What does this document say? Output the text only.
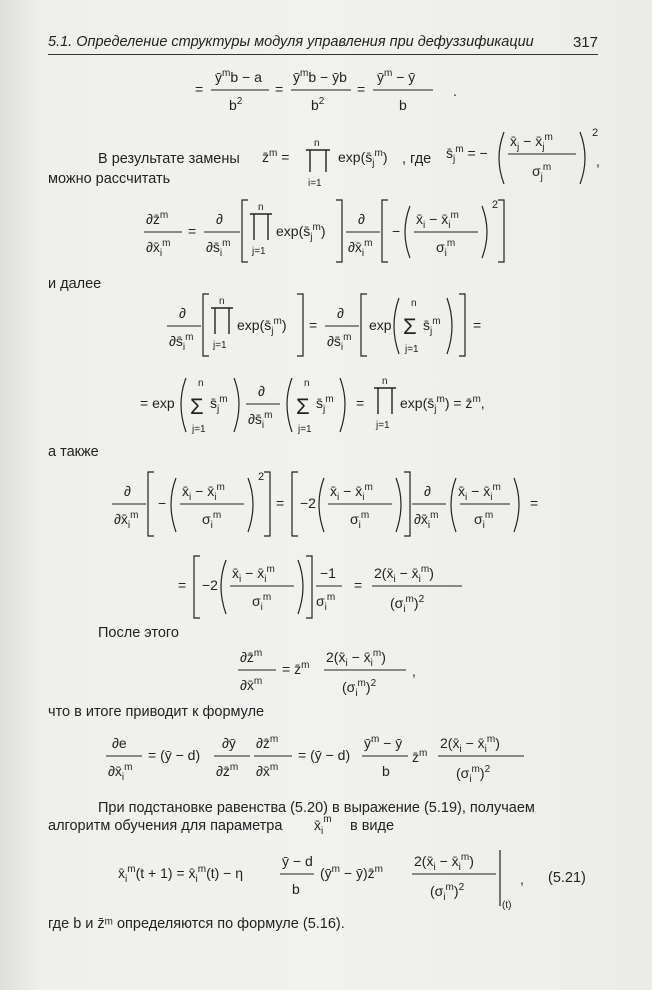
5.1. Определение структуры модуля управления при дефуззификации	317
=
$ȳ^mb - a$
$b^2$
=
$ȳ^mb$ − ȳb
$b^2$
=
$ȳ^m$ − ȳ
b
.
В результате замены z̄$^m$ =
n
i=1
$\exp(s̄_j^m)$ , где $s̄_j^m$ = −
$x̄_j$ − $x̄_j^m$
$\sigma_j^m$
2
,
можно рассчитать
∂z̄$^m$
$\partial x̄_i^m$
=
∂
$\partial s̄_i^m$
n
j=1
$\exp(s̄_j^m)$
∂
$\partial x̄_i^m$
−
$x̄_i$ − $x̄_i^m$
$\sigma_i^m$
2
и далее
∂
$\partial s̄_i^m$
n
j=1
$\exp(s̄_j^m)$ =
∂
$\partial s̄_i^m$
exp
n
Σ
j=1
$s̄_j^m$ =
= exp
n
Σ
j=1
$s̄_j^m$
∂
$\partial s̄_i^m$
n
Σ
j=1
$s̄_j^m$ =
n
j=1
$\exp(s̄_j^m)$ = z̄$^m$,
а также
∂
$\partial x̄_i^m$
−
$x̄_i$ − $x̄_i^m$
$\sigma_i^m$
2
= −2
$x̄_i$ − $x̄_i^m$
$\sigma_i^m$
∂
$\partial x̄_i^m$
$x̄_i$ − $x̄_i^m$
$\sigma_i^m$
=
= −2
$x̄_i$ − $x̄_i^m$
$\sigma_i^m$
−1
$\sigma_i^m$
=
$2(x̄_i$ − $x̄_i^m$)
$(\sigma_i^m)^2$
После этого
∂z̄$^m$
∂x̄$^m$
= z̄$^m$
$2(x̄_i$ − $x̄_i^m$)
$(\sigma_i^m)^2$
,
что в итоге приводит к формуле
∂e
$\partial x̄_i^m$
= (ȳ − d)
∂ȳ
∂z̄$^m$
∂z̄$^m$
∂x̄$^m$
= (ȳ − d)
$ȳ^m$ − ȳ
b
z̄$^m$
$2(x̄_i$ − $x̄_i^m$)
$(\sigma_i^m)^2$
При подстановке равенства (5.20) в выражение (5.19), получаем
алгоритм обучения для параметра $x̄_i^m$ в виде
$x̄_i^m(t + 1)$ = $x̄_i^m(t) - \eta$
ȳ − d
b
($ȳ^m$ − ȳ)z̄$^m$
$2(x̄_i$ − $x̄_i^m$)
$(\sigma_i^m)^2$
(t)
, (5.21)
где b и z̄ᵐ определяются по формуле (5.16).
